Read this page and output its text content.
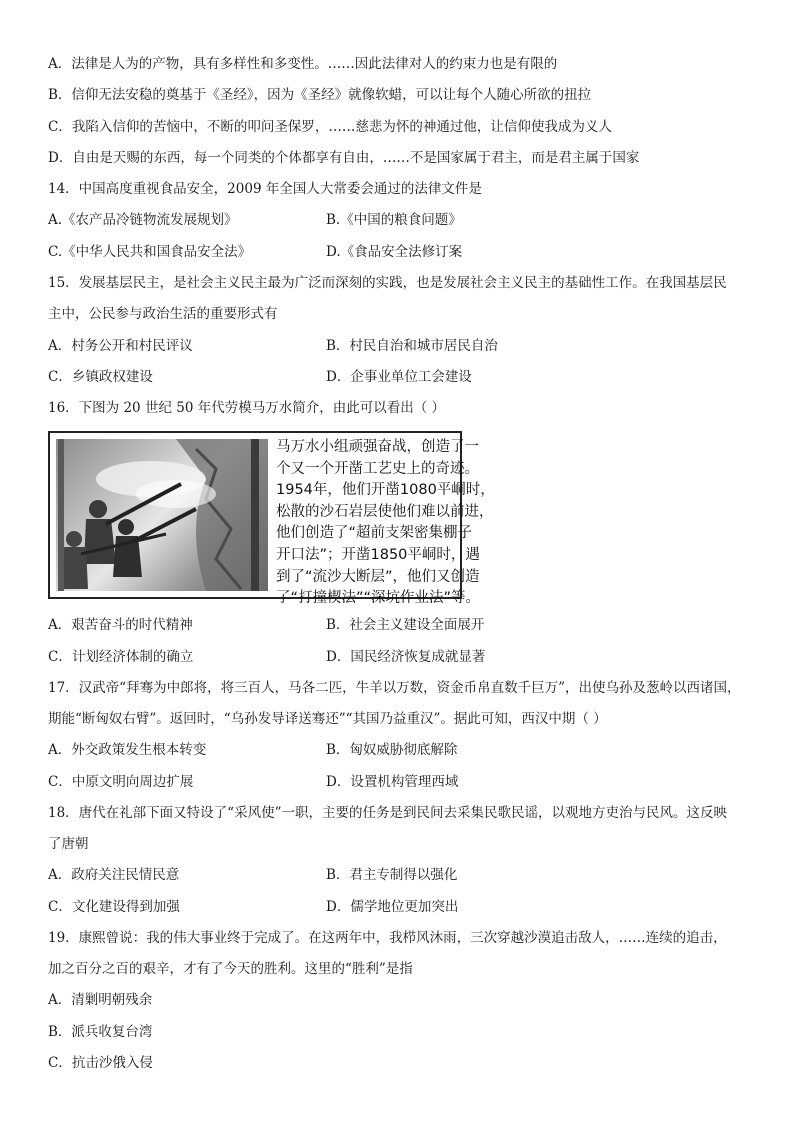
A．法律是人为的产物，具有多样性和多变性。……因此法律对人的约束力也是有限的
B．信仰无法安稳的奠基于《圣经》，因为《圣经》就像软蜡，可以让每个人随心所欲的扭拉
C．我陷入信仰的苦恼中，不断的叩问圣保罗，……慈悲为怀的神通过他，让信仰使我成为义人
D．自由是天赐的东西，每一个同类的个体都享有自由，……不是国家属于君主，而是君主属于国家
14．中国高度重视食品安全，2009 年全国人大常委会通过的法律文件是
A.《农产品冷链物流发展规划》	B.《中国的粮食问题》
C.《中华人民共和国食品安全法》	D.《食品安全法修订案
15．发展基层民主，是社会主义民主最为广泛而深刻的实践，也是发展社会主义民主的基础性工作。在我国基层民
主中，公民参与政治生活的重要形式有
A．村务公开和村民评议	B．村民自治和城市居民自治
C．乡镇政权建设	D．企事业单位工会建设
16．下图为 20 世纪 50 年代劳模马万水简介，由此可以看出（ ）
马万水小组顽强奋战，创造了一
个又一个开凿工艺史上的奇迹。
1954年，他们开凿1080平峒时，
松散的沙石岩层使他们难以前进，
他们创造了“超前支架密集棚子
开口法”；开凿1850平峒时，遇
到了“流沙大断层”，他们又创造
了“打撞楔法”“深坑作业法”等。
A．艰苦奋斗的时代精神	B．社会主义建设全面展开
C．计划经济体制的确立	D．国民经济恢复成就显著
17．汉武帝“拜骞为中郎将，将三百人，马各二匹，牛羊以万数，资金币帛直数千巨万”，出使乌孙及葱岭以西诸国，
期能“断匈奴右臂”。返回时，“乌孙发导译送骞还”“其国乃益重汉”。据此可知，西汉中期（ ）
A．外交政策发生根本转变	B．匈奴威胁彻底解除
C．中原文明向周边扩展	D．设置机构管理西域
18．唐代在礼部下面又特设了“采风使”一职，主要的任务是到民间去采集民歌民谣，以观地方吏治与民风。这反映
了唐朝
A．政府关注民情民意	B．君主专制得以强化
C．文化建设得到加强	D．儒学地位更加突出
19．康熙曾说：我的伟大事业终于完成了。在这两年中，我栉风沐雨，三次穿越沙漠追击敌人，……连续的追击，
加之百分之百的艰辛，才有了今天的胜利。这里的“胜利”是指
A．清剿明朝残余
B．派兵收复台湾
C．抗击沙俄入侵
